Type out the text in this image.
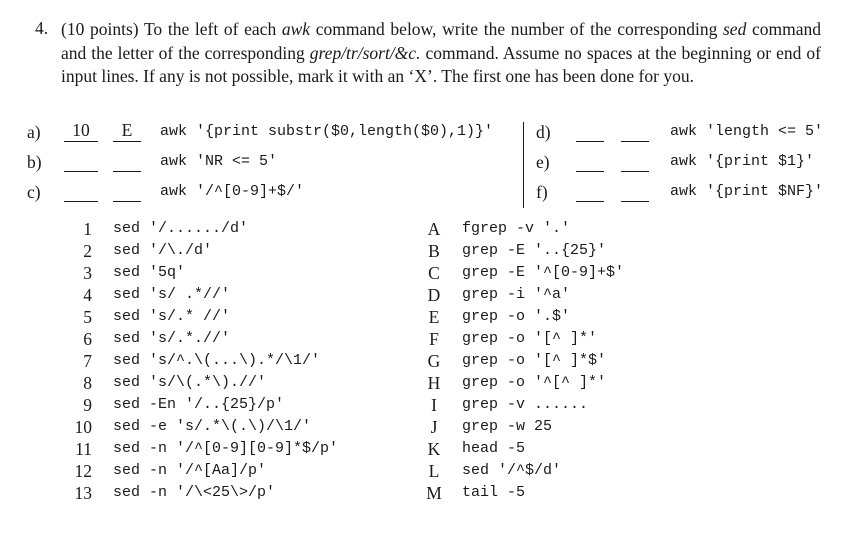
4. (10 points) To the left of each awk command below, write the number of the corresponding sed command and the letter of the corresponding grep/tr/sort/&c. command. Assume no spaces at the beginning or end of input lines. If any is not possible, mark it with an ‘X’. The first one has been done for you.
a)	10	E	awk '{print substr($0,length($0),1)}'
b)	awk 'NR <= 5'
c)	awk '/^[0-9]+$/'
d)	awk 'length <= 5'
e)	awk '{print $1}'
f)	awk '{print $NF}'
1 sed '/....../d'
2 sed '/\./d'
3 sed '5q'
4 sed 's/ .*//'
5 sed 's/.* //'
6 sed 's/.*.//'
7 sed 's/^.\(...\).*/\1/'
8 sed 's/\(.*\).//'
9 sed -En '/..{25}/p'
10 sed -e 's/.*\(.\)/\1/'
11 sed -n '/^[0-9][0-9]*$/p'
12 sed -n '/^[Aa]/p'
13 sed -n '/\<25\>/p'
A fgrep -v '.'
B grep -E '..{25}'
C grep -E '^[0-9]+$'
D grep -i '^a'
E grep -o '.$'
F grep -o '[^ ]*'
G grep -o '[^ ]*$'
H grep -o '^[^ ]*'
I	grep -v ......
J	grep -w 25
K head -5
L sed '/^$/d'
M tail -5
